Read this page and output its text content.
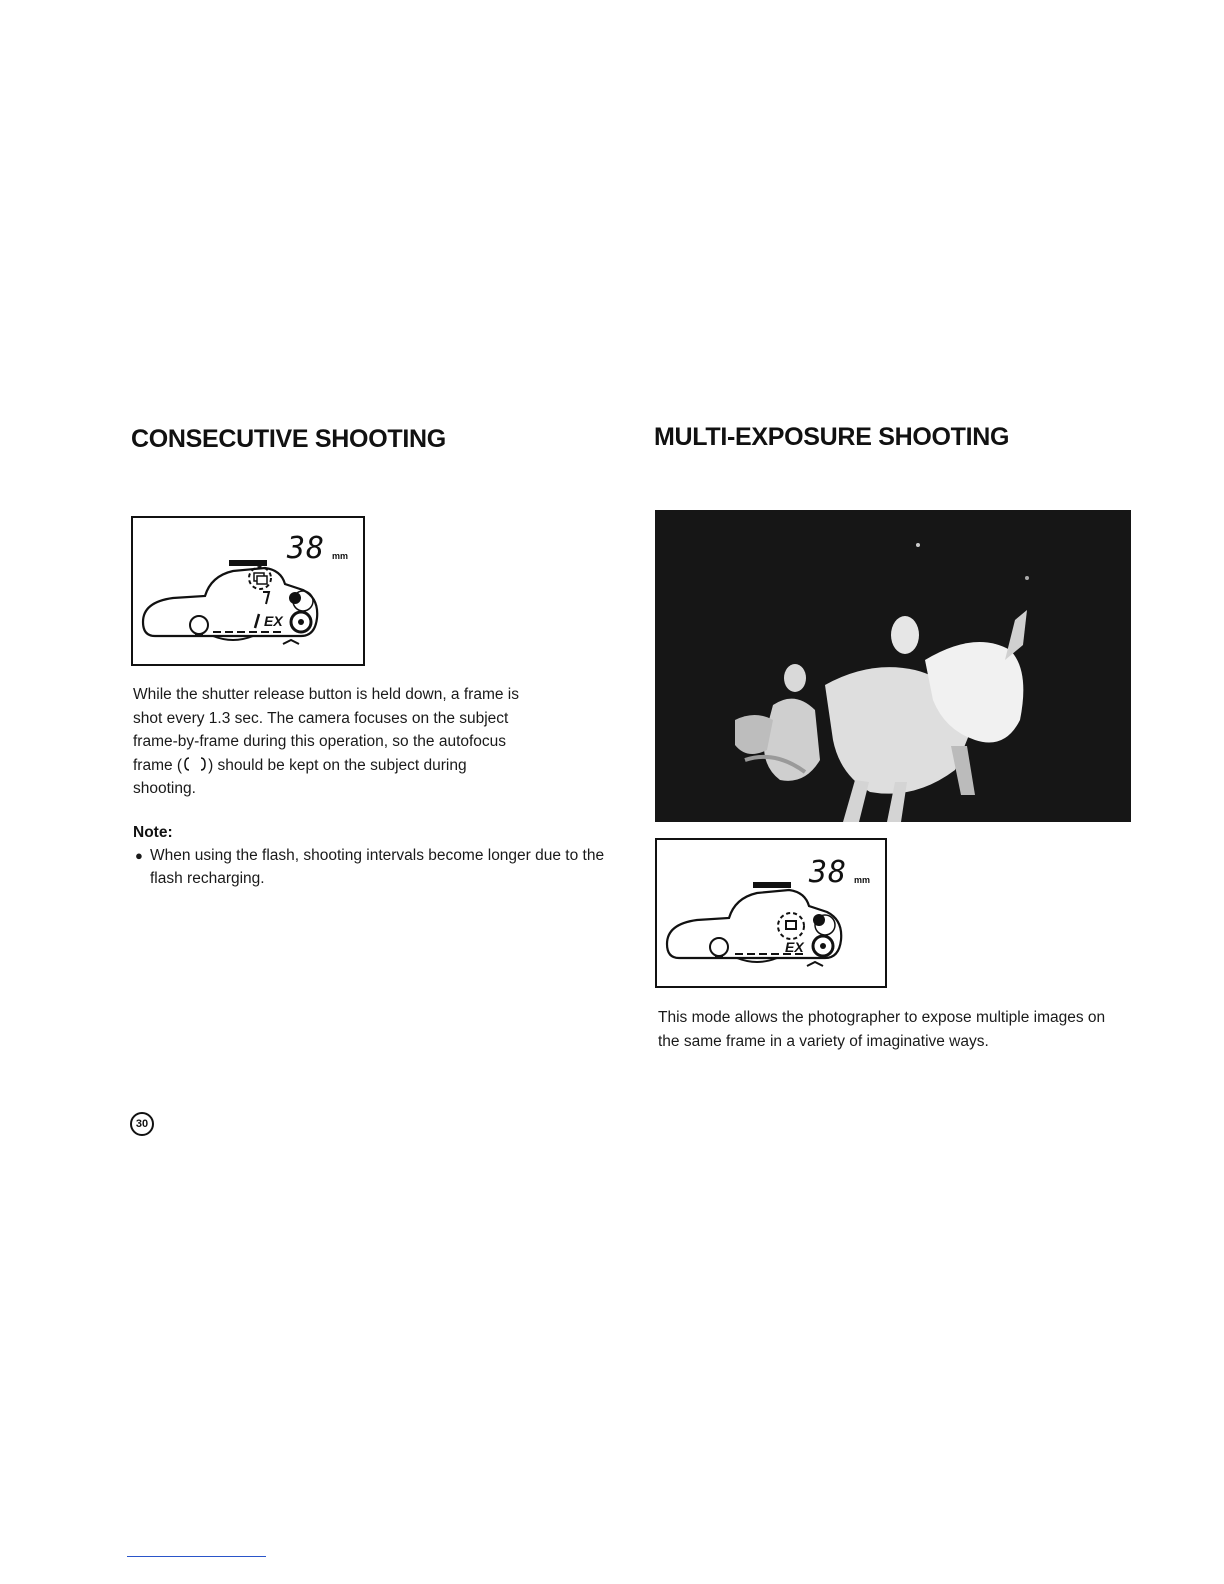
CONSECUTIVE SHOOTING	MULTI-EXPOSURE SHOOTING
38 mm
EX

While the shutter release button is held down, a frame is
shot every 1.3 sec. The camera focuses on the subject
frame-by-frame during this operation, so the autofocus
frame ( ) should be kept on the subject during
shooting.

Note:

● When using the flash, shooting intervals become longer due to the flash recharging.	38 mm
EX

This mode allows the photographer to expose multiple images on the same frame in a variety of imaginative ways.

30
